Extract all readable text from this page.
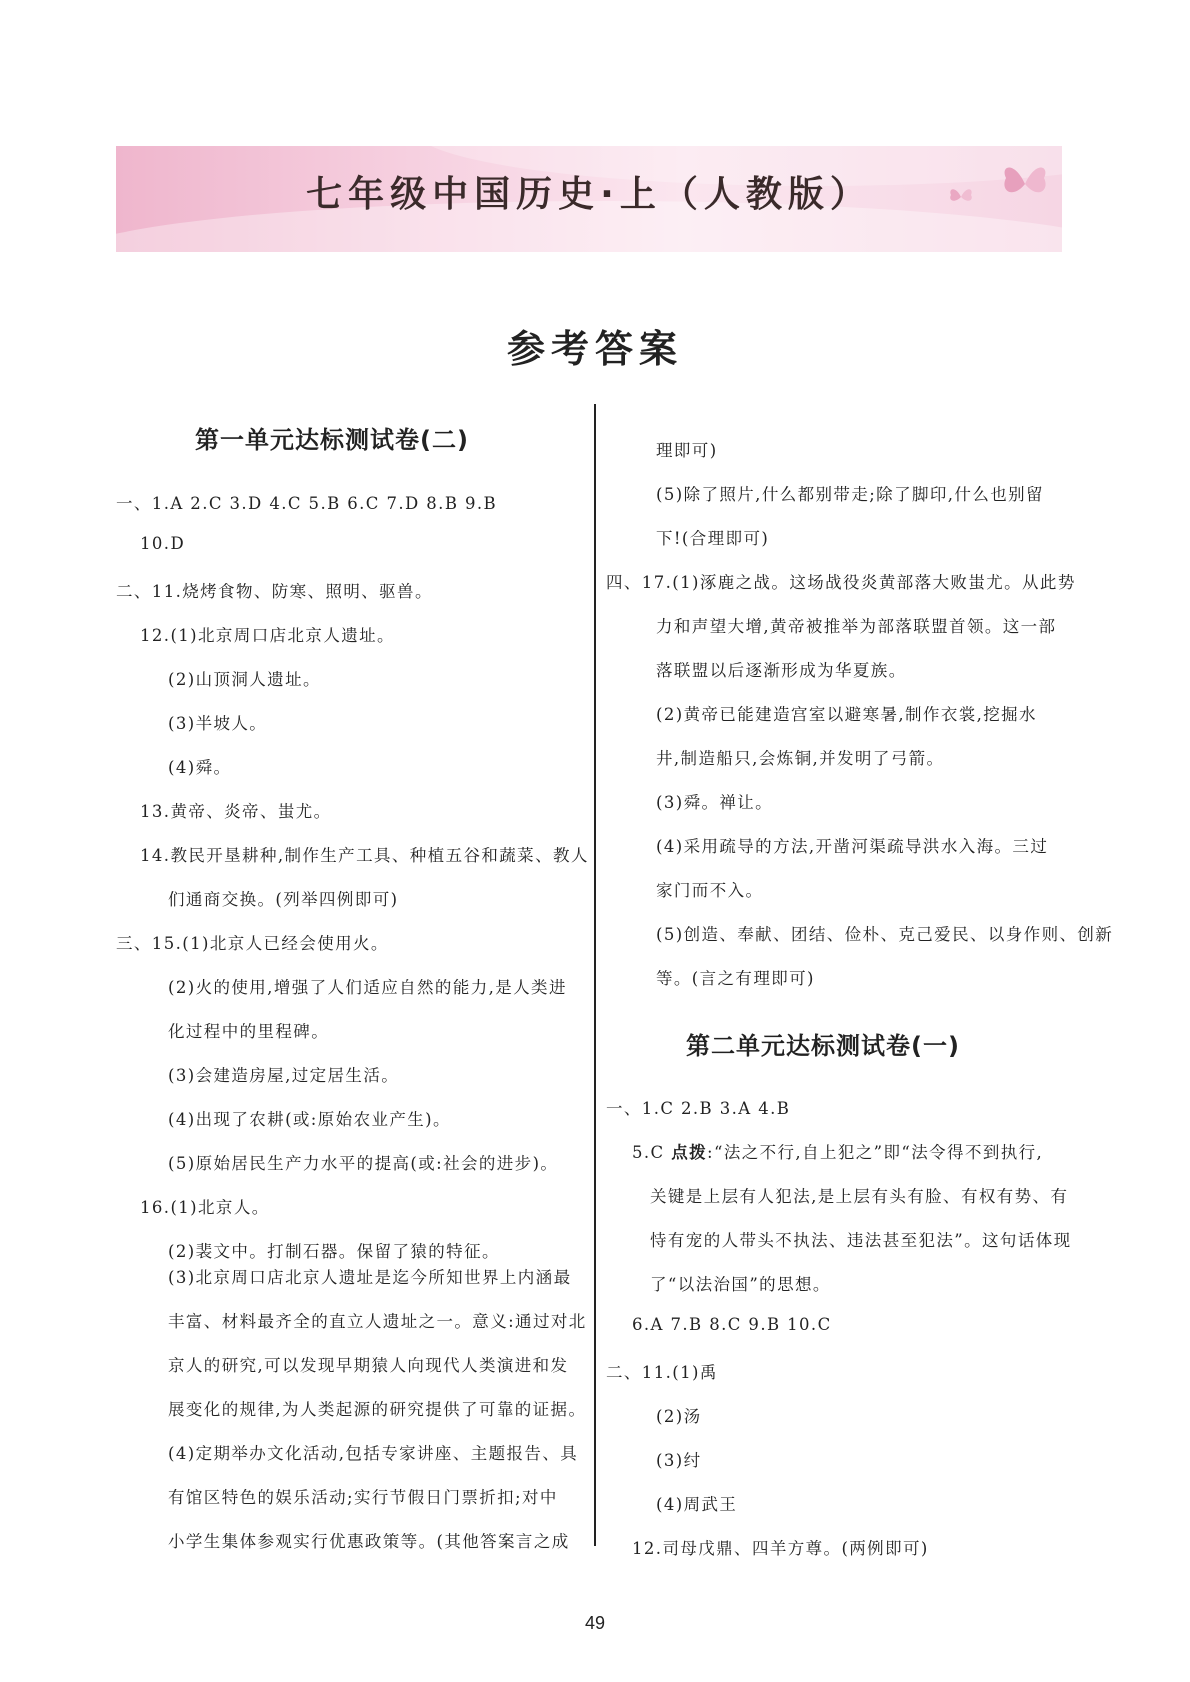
七年级中国历史·上（人教版）
参考答案
第一单元达标测试卷(二)
一、1.A 2.C 3.D 4.C 5.B 6.C 7.D 8.B 9.B
10.D
二、11.烧烤食物、防寒、照明、驱兽。
12.(1)北京周口店北京人遗址。
(2)山顶洞人遗址。
(3)半坡人。
(4)舜。
13.黄帝、炎帝、蚩尤。
14.教民开垦耕种,制作生产工具、种植五谷和蔬菜、教人
们通商交换。(列举四例即可)
三、15.(1)北京人已经会使用火。
(2)火的使用,增强了人们适应自然的能力,是人类进
化过程中的里程碑。
(3)会建造房屋,过定居生活。
(4)出现了农耕(或:原始农业产生)。
(5)原始居民生产力水平的提高(或:社会的进步)。
16.(1)北京人。
(2)裴文中。打制石器。保留了猿的特征。
(3)北京周口店北京人遗址是迄今所知世界上内涵最
丰富、材料最齐全的直立人遗址之一。意义:通过对北
京人的研究,可以发现早期猿人向现代人类演进和发
展变化的规律,为人类起源的研究提供了可靠的证据。
(4)定期举办文化活动,包括专家讲座、主题报告、具
有馆区特色的娱乐活动;实行节假日门票折扣;对中
小学生集体参观实行优惠政策等。(其他答案言之成
理即可)
(5)除了照片,什么都别带走;除了脚印,什么也别留
下!(合理即可)
四、17.(1)涿鹿之战。这场战役炎黄部落大败蚩尤。从此势
力和声望大增,黄帝被推举为部落联盟首领。这一部
落联盟以后逐渐形成为华夏族。
(2)黄帝已能建造宫室以避寒暑,制作衣裳,挖掘水
井,制造船只,会炼铜,并发明了弓箭。
(3)舜。禅让。
(4)采用疏导的方法,开凿河渠疏导洪水入海。三过
家门而不入。
(5)创造、奉献、团结、俭朴、克己爱民、以身作则、创新
等。(言之有理即可)
第二单元达标测试卷(一)
一、1.C 2.B 3.A 4.B
5.C 点拨:“法之不行,自上犯之”即“法令得不到执行,
关键是上层有人犯法,是上层有头有脸、有权有势、有
恃有宠的人带头不执法、违法甚至犯法”。这句话体现
了“以法治国”的思想。
6.A 7.B 8.C 9.B 10.C
二、11.(1)禹
(2)汤
(3)纣
(4)周武王
12.司母戊鼎、四羊方尊。(两例即可)
49
